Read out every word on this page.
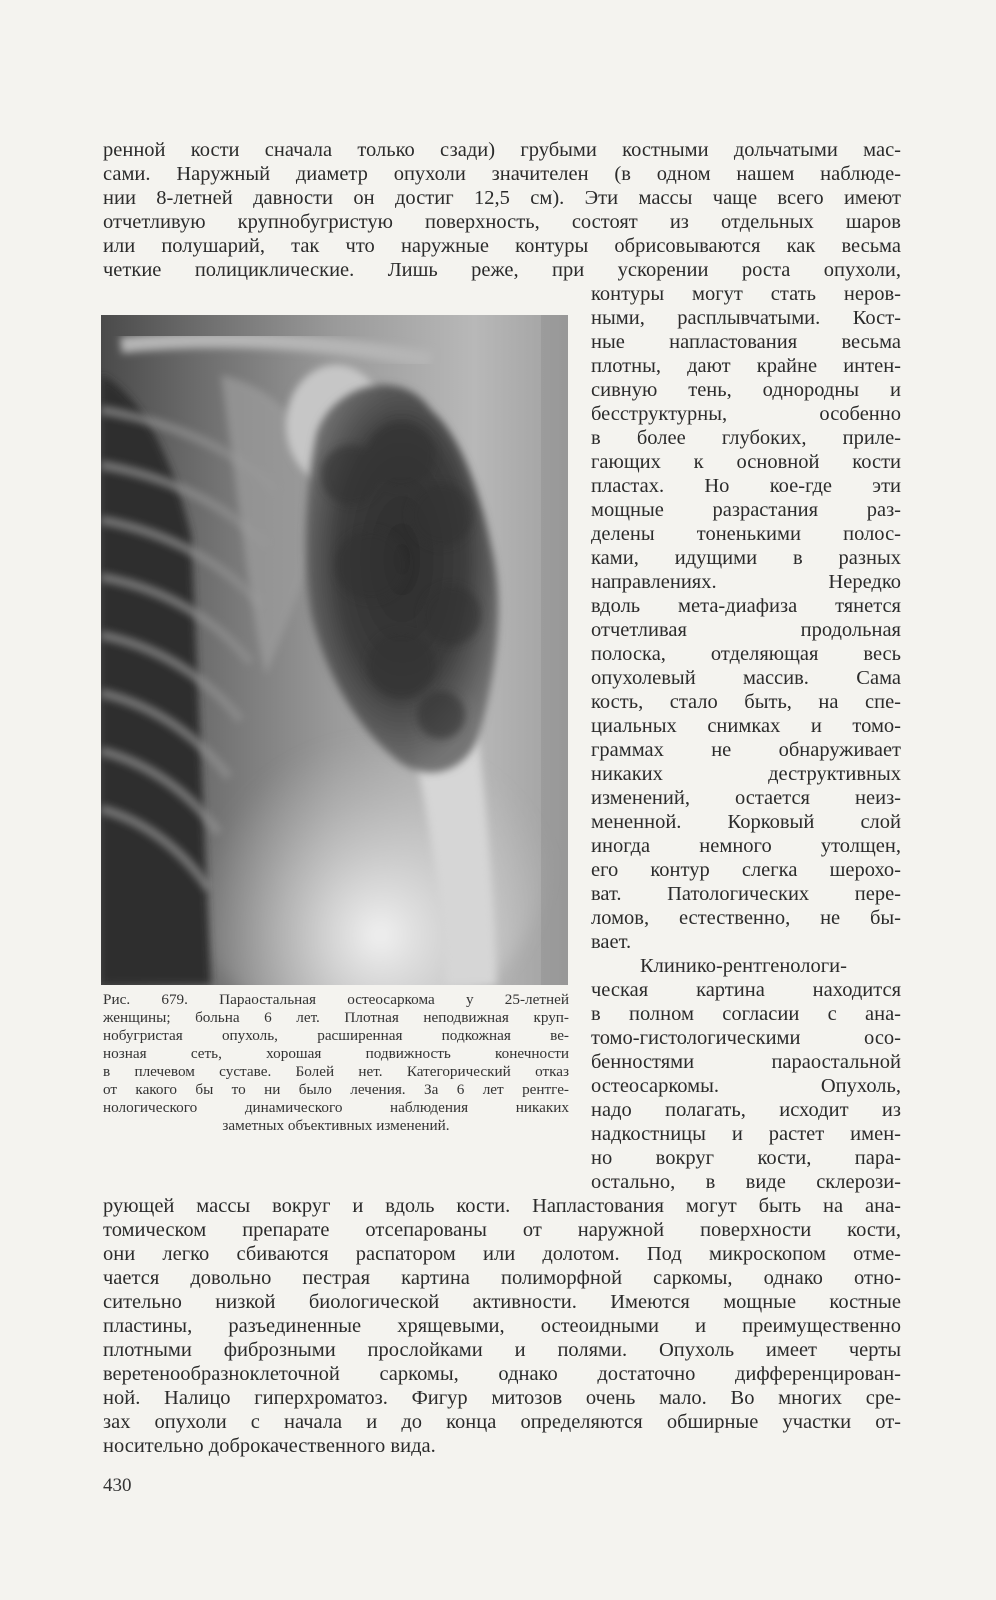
ренной кости сначала только сзади) грубыми костными дольчатыми мас-
сами. Наружный диаметр опухоли значителен (в одном нашем наблюде-
нии 8-летней давности он достиг 12,5 см). Эти массы чаще всего имеют
отчетливую крупнобугристую поверхность, состоят из отдельных шаров
или полушарий, так что наружные контуры обрисовываются как весьма
четкие полициклические. Лишь реже, при ускорении роста опухоли,
контуры могут стать неров-
ными, расплывчатыми. Кост-
ные напластования весьма
плотны, дают крайне интен-
сивную тень, однородны и
бесструктурны, особенно
в более глубоких, приле-
гающих к основной кости
пластах. Но кое-где эти
мощные разрастания раз-
делены тоненькими полос-
ками, идущими в разных
направлениях. Нередко
вдоль мета-диафиза тянется
отчетливая продольная
полоска, отделяющая весь
опухолевый массив. Сама
кость, стало быть, на спе-
циальных снимках и томо-
граммах не обнаруживает
никаких деструктивных
изменений, остается неиз-
мененной. Корковый слой
иногда немного утолщен,
его контур слегка шерохо-
ват. Патологических пере-
ломов, естественно, не бы-
вает.
Клинико-рентгенологи-
ческая картина находится
в полном согласии с ана-
томо-гистологическими осо-
бенностями параостальной
остеосаркомы. Опухоль,
надо полагать, исходит из
надкостницы и растет имен-
но вокруг кости, пара-
остально, в виде склерози-
Рис. 679. Параостальная остеосаркома у 25-летней
женщины; больна 6 лет. Плотная неподвижная круп-
нобугристая опухоль, расширенная подкожная ве-
нозная сеть, хорошая подвижность конечности
в плечевом суставе. Болей нет. Категорический отказ
от какого бы то ни было лечения. За 6 лет рентге-
нологического динамического наблюдения никаких
заметных объективных изменений.
рующей массы вокруг и вдоль кости. Напластования могут быть на ана-
томическом препарате отсепарованы от наружной поверхности кости,
они легко сбиваются распатором или долотом. Под микроскопом отме-
чается довольно пестрая картина полиморфной саркомы, однако отно-
сительно низкой биологической активности. Имеются мощные костные
пластины, разъединенные хрящевыми, остеоидными и преимущественно
плотными фиброзными прослойками и полями. Опухоль имеет черты
веретенообразноклеточной саркомы, однако достаточно дифференцирован-
ной. Налицо гиперхроматоз. Фигур митозов очень мало. Во многих сре-
зах опухоли с начала и до конца определяются обширные участки от-
носительно доброкачественного вида.
430
